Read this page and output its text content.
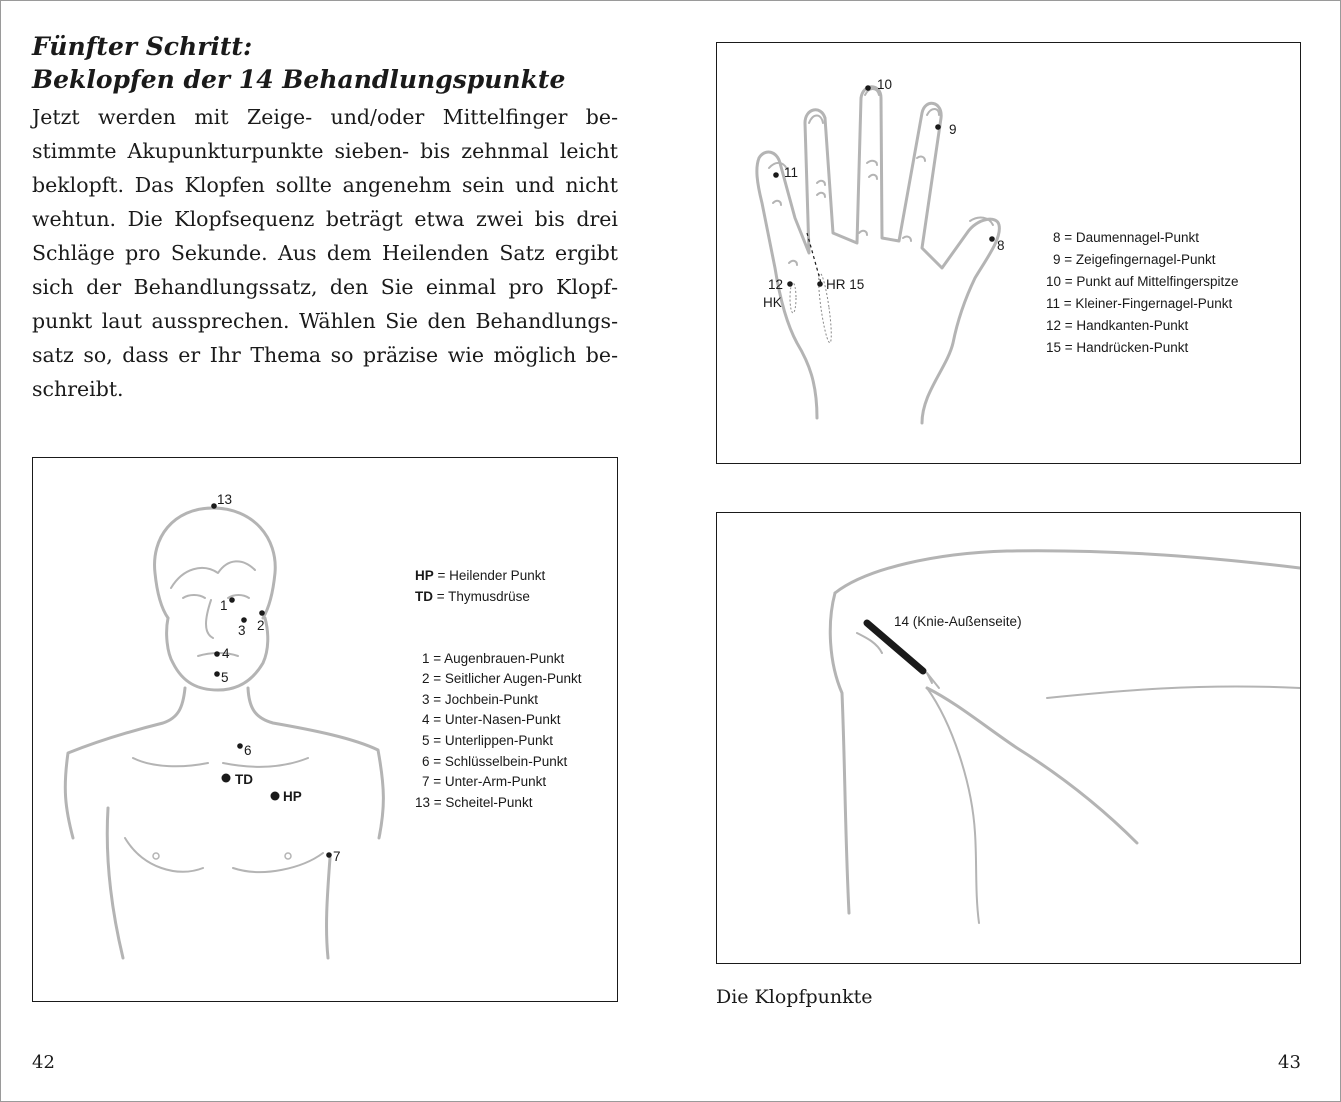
Fünfter Schritt:
Beklopfen der 14 Behandlungspunkte

Jetzt werden mit Zeige- und/oder Mittelfinger bestimmte Akupunkturpunkte sieben- bis zehnmal leicht beklopft. Das Klopfen sollte angenehm sein und nicht wehtun. Die Klopfsequenz beträgt etwa zwei bis drei Schläge pro Sekunde. Aus dem Heilenden Satz ergibt sich der Behandlungssatz, den Sie einmal pro Klopfpunkt laut aussprechen. Wählen Sie den Behandlungssatz so, dass er Ihr Thema so präzise wie möglich beschreibt.

10
9
11
8
12
HK
HR 15
8 = Daumennagel-Punkt
9 = Zeigefingernagel-Punkt
10 = Punkt auf Mittelfingerspitze
11 = Kleiner-Fingernagel-Punkt
12 = Handkanten-Punkt
15 = Handrücken-Punkt
13
1
2
3
4
5
6
TD
HP
7
HP = Heilender Punkt
TD = Thymusdrüse
1 = Augenbrauen-Punkt
2 = Seitlicher Augen-Punkt
3 = Jochbein-Punkt
4 = Unter-Nasen-Punkt
5 = Unterlippen-Punkt
6 = Schlüsselbein-Punkt
7 = Unter-Arm-Punkt
13 = Scheitel-Punkt
14 (Knie-Außenseite)

Die Klopfpunkte

42	43
